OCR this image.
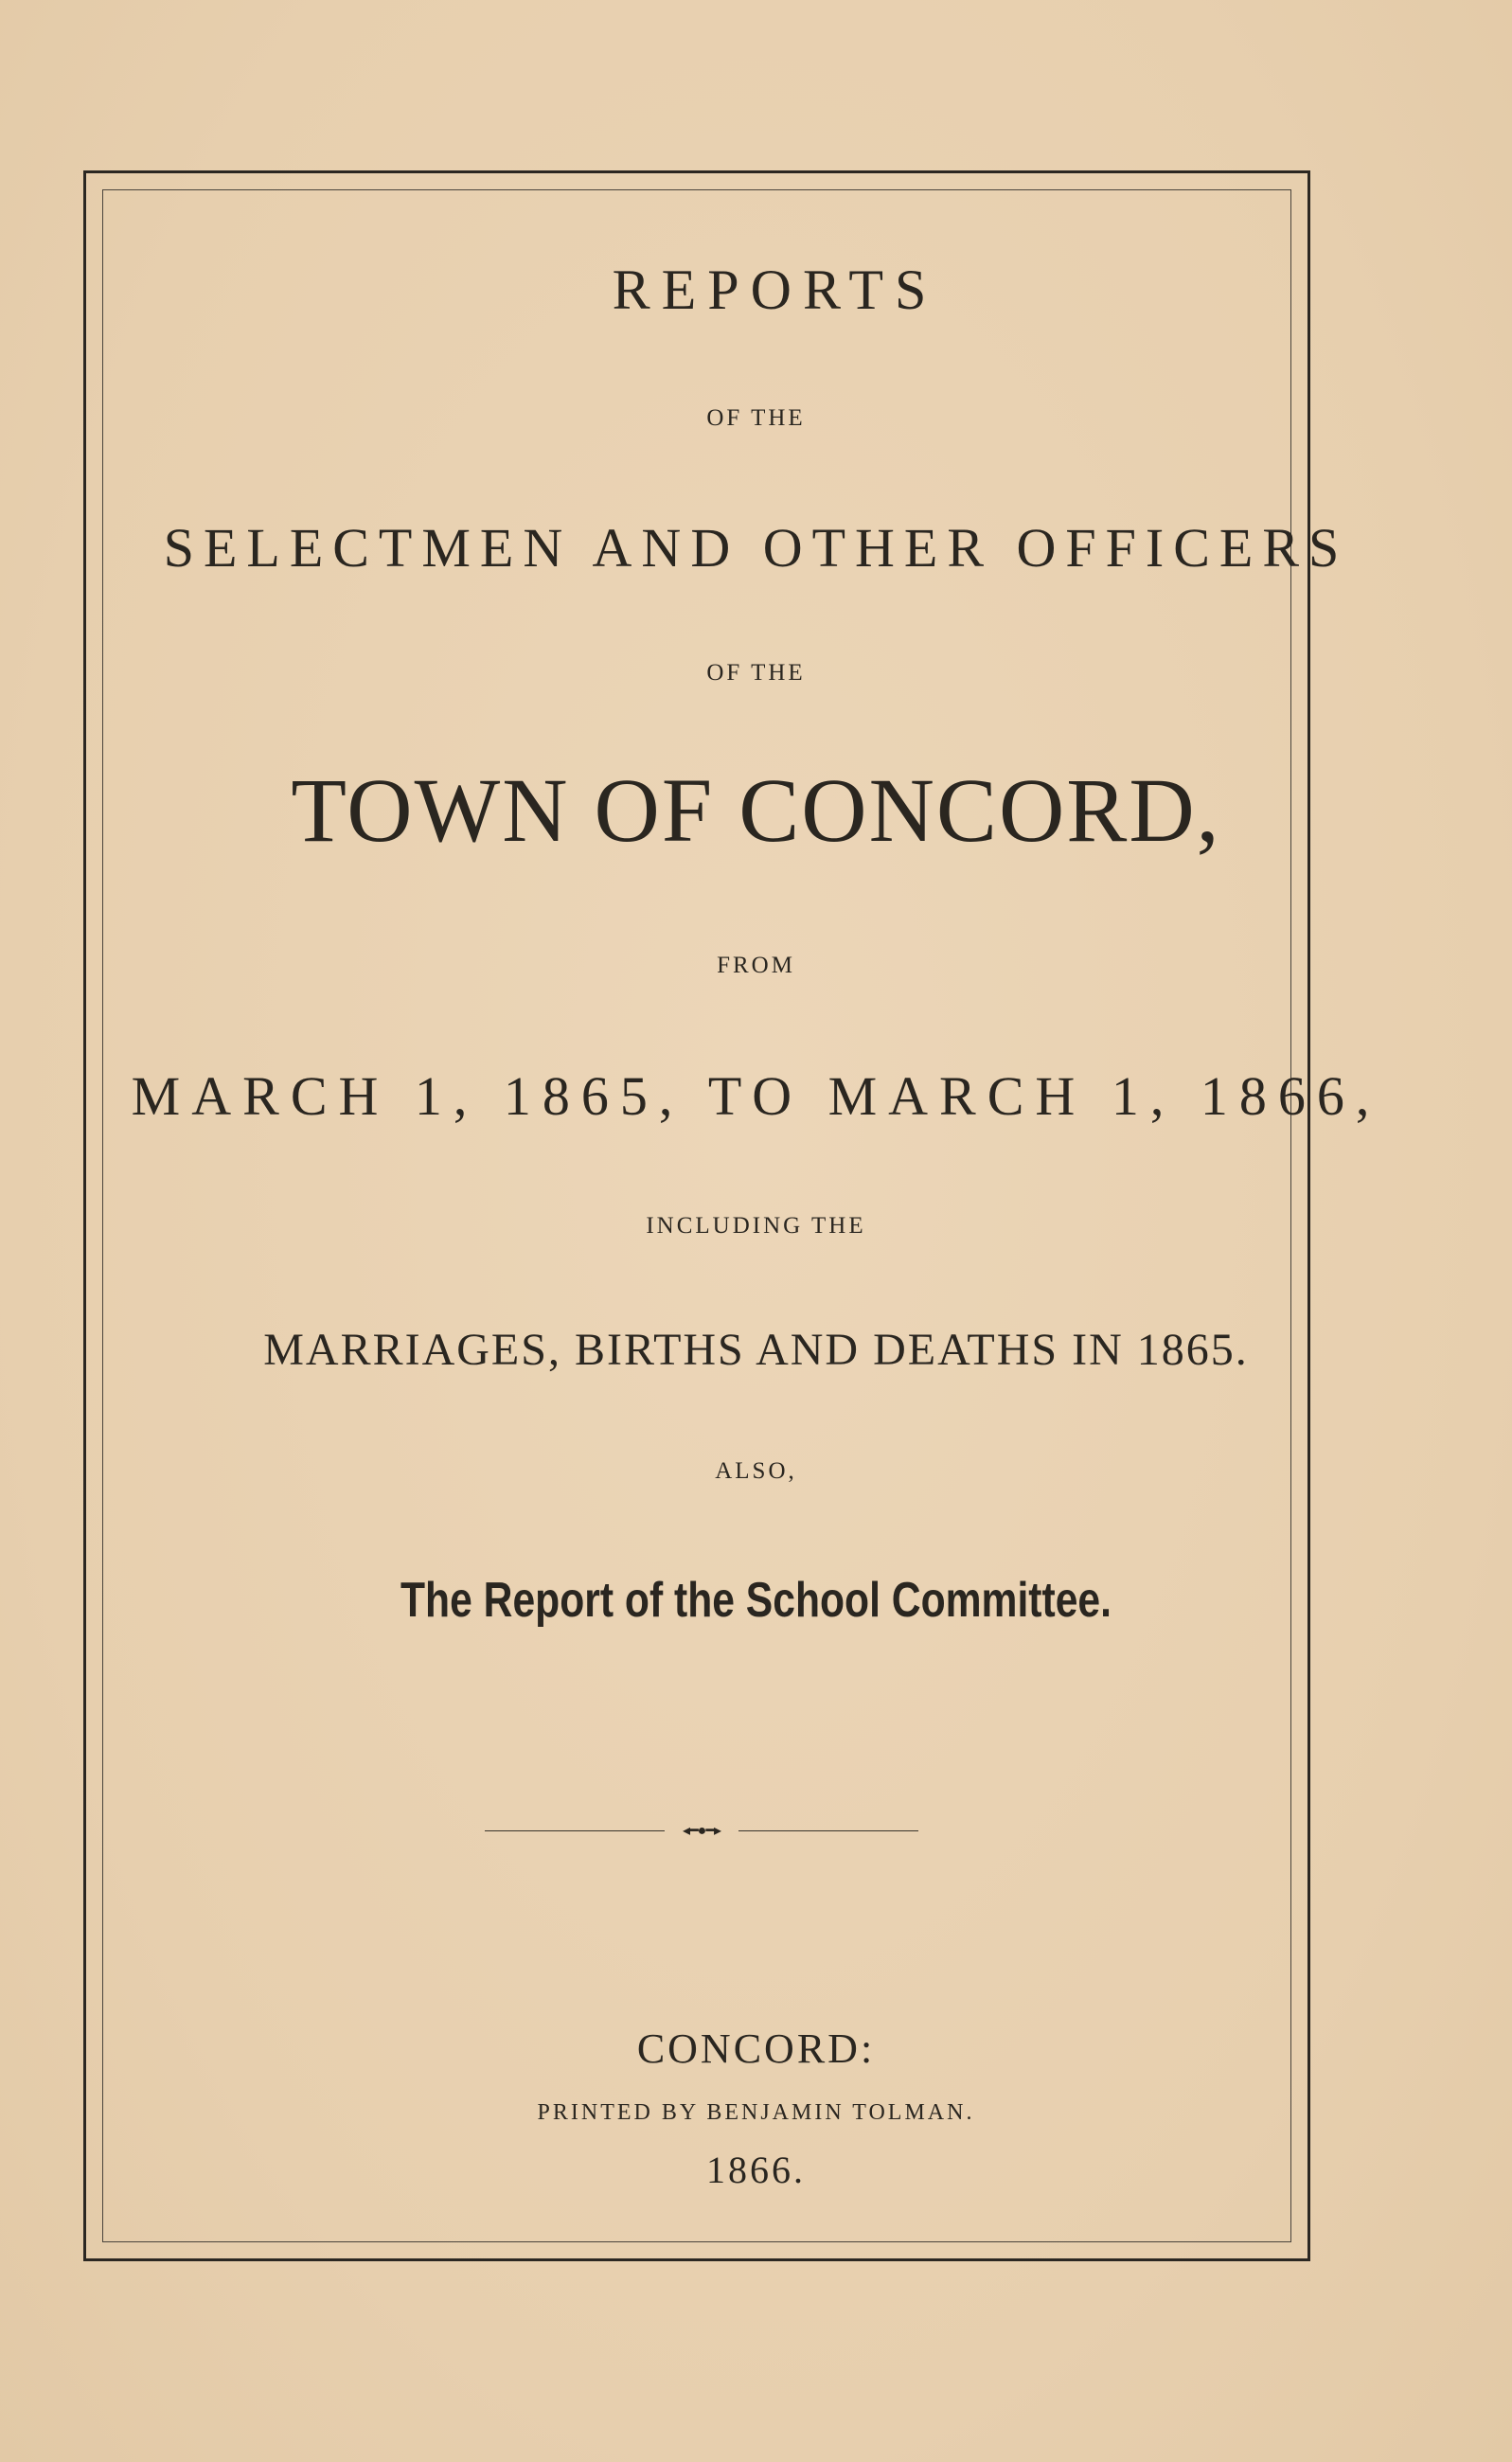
REPORTS
OF THE
SELECTMEN AND OTHER OFFICERS
OF THE
TOWN OF CONCORD,
FROM
MARCH 1, 1865, TO MARCH 1, 1866,
INCLUDING THE
MARRIAGES, BIRTHS AND DEATHS IN 1865.
ALSO,
The Report of the School Committee.
◂━●━▸
CONCORD:
PRINTED BY BENJAMIN TOLMAN.
1866.
